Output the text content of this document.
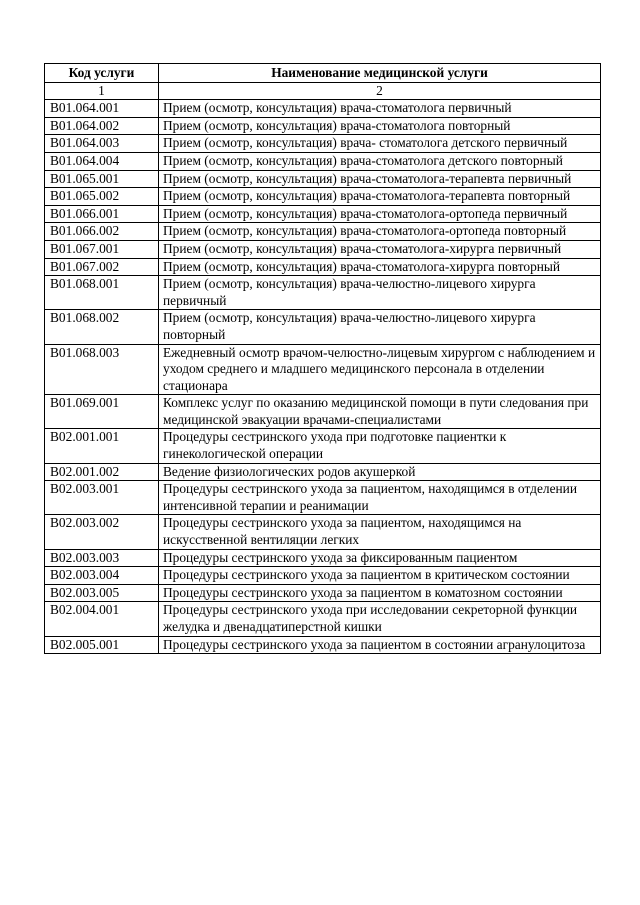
Код услуги	Наименование медицинской услуги
1	2
B01.064.001	Прием (осмотр, консультация) врача-стоматолога первичный
B01.064.002	Прием (осмотр, консультация) врача-стоматолога повторный
B01.064.003	Прием (осмотр, консультация) врача- стоматолога детского первичный
B01.064.004	Прием (осмотр, консультация) врача-стоматолога детского повторный
B01.065.001	Прием (осмотр, консультация) врача-стоматолога-терапевта первичный
B01.065.002	Прием (осмотр, консультация) врача-стоматолога-терапевта повторный
B01.066.001	Прием (осмотр, консультация) врача-стоматолога-ортопеда первичный
B01.066.002	Прием (осмотр, консультация) врача-стоматолога-ортопеда повторный
B01.067.001	Прием (осмотр, консультация) врача-стоматолога-хирурга первичный
B01.067.002	Прием (осмотр, консультация) врача-стоматолога-хирурга повторный
B01.068.001	Прием (осмотр, консультация) врача-челюстно-лицевого хирурга первичный
B01.068.002	Прием (осмотр, консультация) врача-челюстно-лицевого хирурга повторный
B01.068.003	Ежедневный осмотр врачом-челюстно-лицевым хирургом с наблюдением и уходом среднего и младшего медицинского персонала в отделении стационара
B01.069.001	Комплекс услуг по оказанию медицинской помощи в пути следования при медицинской эвакуации врачами-специалистами
B02.001.001	Процедуры сестринского ухода при подготовке пациентки к гинекологической операции
B02.001.002	Ведение физиологических родов акушеркой
B02.003.001	Процедуры сестринского ухода за пациентом, находящимся в отделении интенсивной терапии и реанимации
B02.003.002	Процедуры сестринского ухода за пациентом, находящимся на искусственной вентиляции легких
B02.003.003	Процедуры сестринского ухода за фиксированным пациентом
B02.003.004	Процедуры сестринского ухода за пациентом в критическом состоянии
B02.003.005	Процедуры сестринского ухода за пациентом в коматозном состоянии
B02.004.001	Процедуры сестринского ухода при исследовании секреторной функции желудка и двенадцатиперстной кишки
B02.005.001	Процедуры сестринского ухода за пациентом в состоянии агранулоцитоза
